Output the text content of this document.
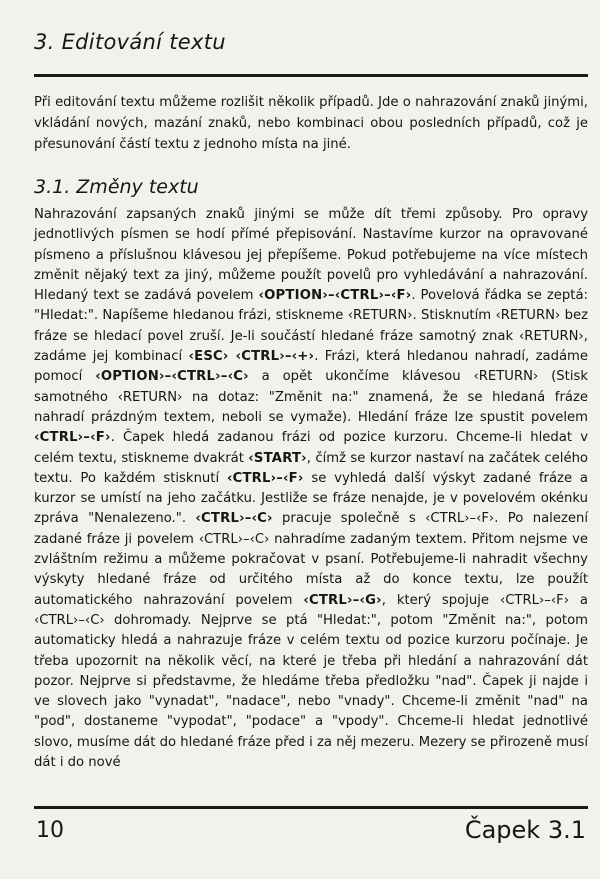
3. Editování textu

Při editování textu můžeme rozlišit několik případů. Jde o nahrazování znaků jinými, vkládání nových, mazání znaků, nebo kombinaci obou posledních případů, což je přesunování částí textu z jednoho místa na jiné.

3.1. Změny textu

Nahrazování zapsaných znaků jinými se může dít třemi způsoby. Pro opravy jednotlivých písmen se hodí přímé přepisování. Nastavíme kurzor na opravované písmeno a příslušnou klávesou jej přepíšeme. Pokud potřebujeme na více místech změnit nějaký text za jiný, můžeme použít povelů pro vyhledávání a nahrazování. Hledaný text se zadává povelem ‹OPTION›–‹CTRL›–‹F›. Povelová řádka se zeptá: "Hledat:". Napíšeme hledanou frázi, stiskneme ‹RETURN›. Stisknutím ‹RETURN› bez fráze se hledací povel zruší. Je-li součástí hledané fráze samotný znak ‹RETURN›, zadáme jej kombinací ‹ESC› ‹CTRL›–‹+›. Frázi, která hledanou nahradí, zadáme pomocí ‹OPTION›–‹CTRL›–‹C› a opět ukončíme klávesou ‹RETURN› (Stisk samotného ‹RETURN› na dotaz: "Změnit na:" znamená, že se hledaná fráze nahradí prázdným textem, neboli se vymaže). Hledání fráze lze spustit povelem ‹CTRL›–‹F›. Čapek hledá zadanou frázi od pozice kurzoru. Chceme-li hledat v celém textu, stiskneme dvakrát ‹START›, čímž se kurzor nastaví na začátek celého textu. Po každém stisknutí ‹CTRL›–‹F› se vyhledá další výskyt zadané fráze a kurzor se umístí na jeho začátku. Jestliže se fráze nenajde, je v povelovém okénku zpráva "Nenalezeno.". ‹CTRL›–‹C› pracuje společně s ‹CTRL›–‹F›. Po nalezení zadané fráze ji povelem ‹CTRL›–‹C› nahradíme zadaným textem. Přitom nejsme ve zvláštním režimu a můžeme pokračovat v psaní. Potřebujeme-li nahradit všechny výskyty hledané fráze od určitého místa až do konce textu, lze použít automatického nahrazování povelem ‹CTRL›–‹G›, který spojuje ‹CTRL›–‹F› a ‹CTRL›–‹C› dohromady. Nejprve se ptá "Hledat:", potom "Změnit na:", potom automaticky hledá a nahrazuje fráze v celém textu od pozice kurzoru počínaje. Je třeba upozornit na několik věcí, na které je třeba při hledání a nahrazování dát pozor. Nejprve si představme, že hledáme třeba předložku "nad". Čapek ji najde i ve slovech jako "vynadat", "nadace", nebo "vnady". Chceme-li změnit "nad" na "pod", dostaneme "vypodat", "podace" a "vpody". Chceme-li hledat jednotlivé slovo, musíme dát do hledané fráze před i za něj mezeru. Mezery se přirozeně musí dát i do nové

10	Čapek 3.1
